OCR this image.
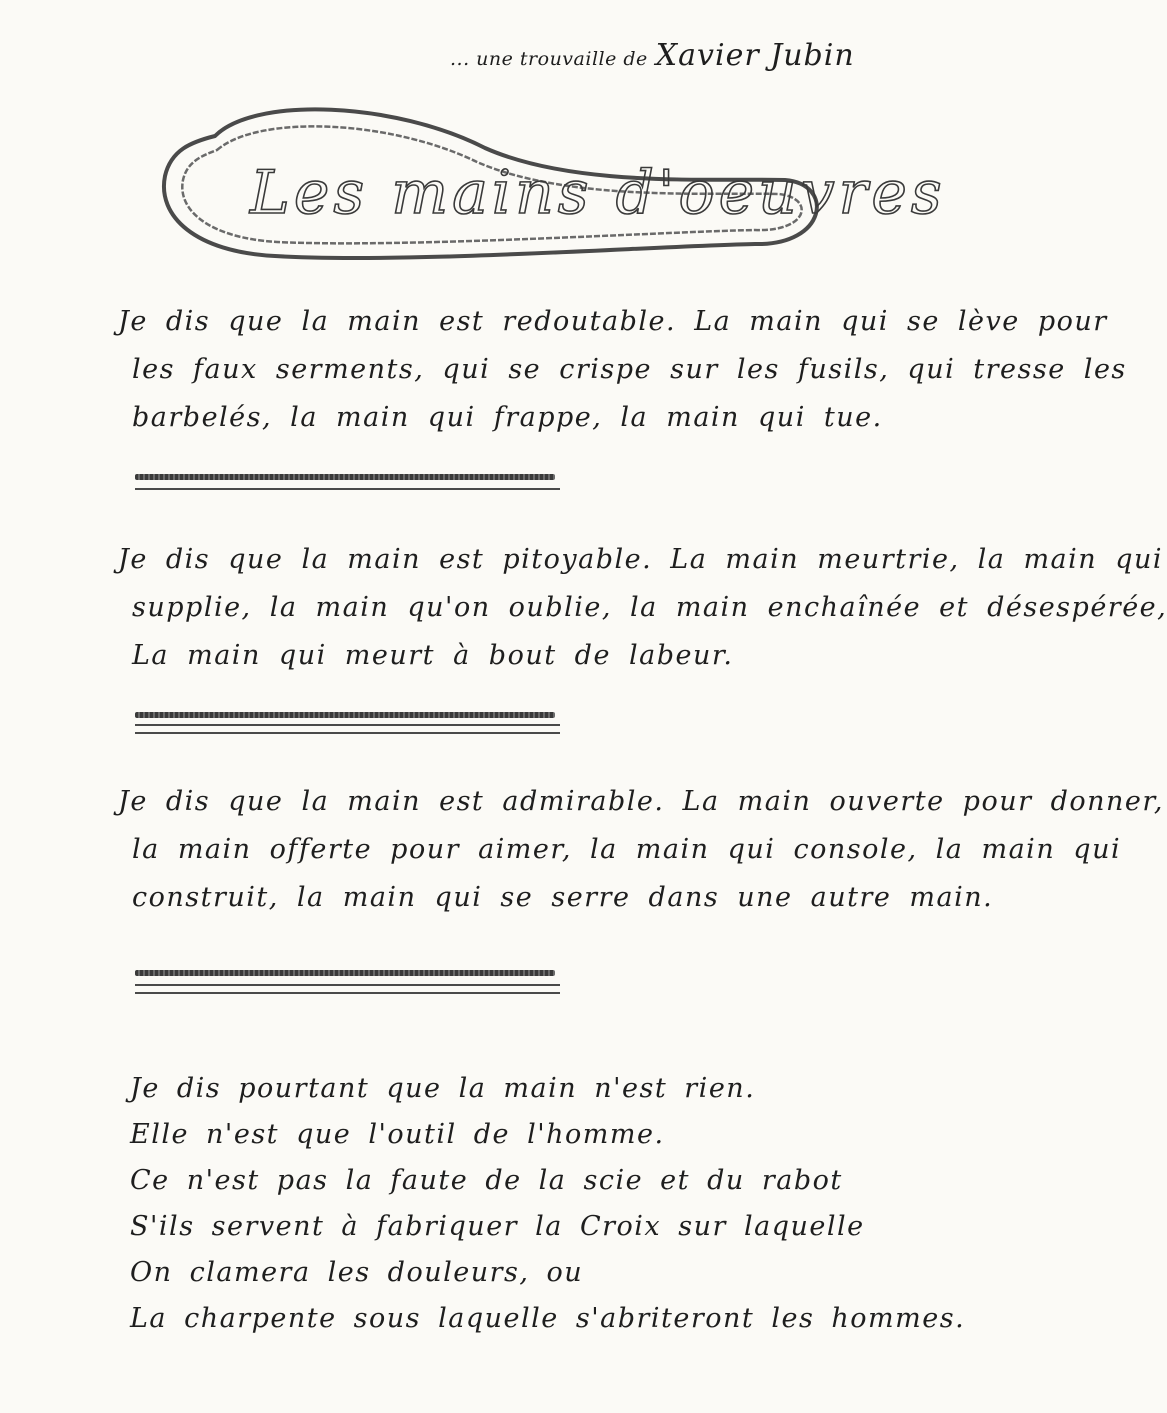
... une trouvaille de Xavier Jubin
Les mains d'oeuvres
Je dis que la main est redoutable. La main qui se lève pour
les faux serments, qui se crispe sur les fusils, qui tresse les
barbelés, la main qui frappe, la main qui tue.
Je dis que la main est pitoyable. La main meurtrie, la main qui
supplie, la main qu'on oublie, la main enchaînée et désespérée,
La main qui meurt à bout de labeur.
Je dis que la main est admirable. La main ouverte pour donner,
la main offerte pour aimer, la main qui console, la main qui
construit, la main qui se serre dans une autre main.
Je dis pourtant que la main n'est rien.
Elle n'est que l'outil de l'homme.
Ce n'est pas la faute de la scie et du rabot
S'ils servent à fabriquer la Croix sur laquelle
On clamera les douleurs, ou
La charpente sous laquelle s'abriteront les hommes.
